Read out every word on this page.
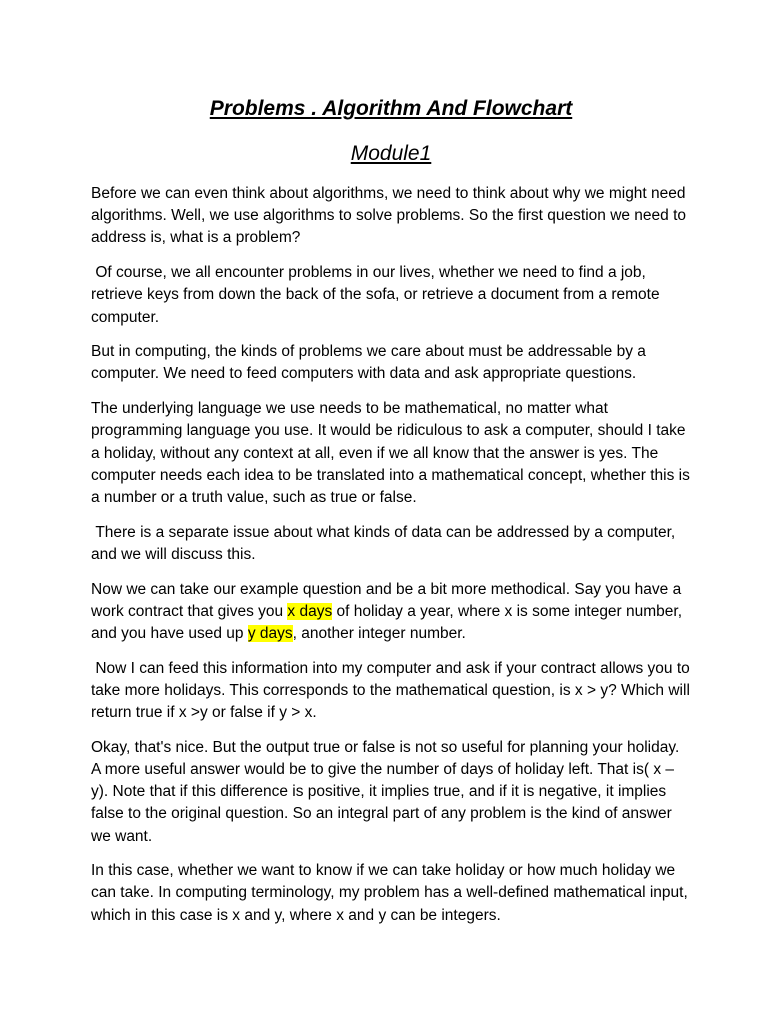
Problems . Algorithm And Flowchart
Module1

Before we can even think about algorithms, we need to think about why we might need algorithms. Well, we use algorithms to solve problems. So the first question we need to address is, what is a problem?

Of course, we all encounter problems in our lives, whether we need to find a job, retrieve keys from down the back of the sofa, or retrieve a document from a remote computer.

But in computing, the kinds of problems we care about must be addressable by a computer. We need to feed computers with data and ask appropriate questions.

The underlying language we use needs to be mathematical, no matter what programming language you use. It would be ridiculous to ask a computer, should I take a holiday, without any context at all, even if we all know that the answer is yes. The computer needs each idea to be translated into a mathematical concept, whether this is a number or a truth value, such as true or false.

There is a separate issue about what kinds of data can be addressed by a computer, and we will discuss this.

Now we can take our example question and be a bit more methodical. Say you have a work contract that gives you x days of holiday a year, where x is some integer number, and you have used up y days, another integer number.

Now I can feed this information into my computer and ask if your contract allows you to take more holidays. This corresponds to the mathematical question, is x > y? Which will return true if x >y or false if y > x.

Okay, that's nice. But the output true or false is not so useful for planning your holiday. A more useful answer would be to give the number of days of holiday left. That is( x – y). Note that if this difference is positive, it implies true, and if it is negative, it implies false to the original question. So an integral part of any problem is the kind of answer we want.

In this case, whether we want to know if we can take holiday or how much holiday we can take. In computing terminology, my problem has a well-defined mathematical input, which in this case is x and y, where x and y can be integers.
